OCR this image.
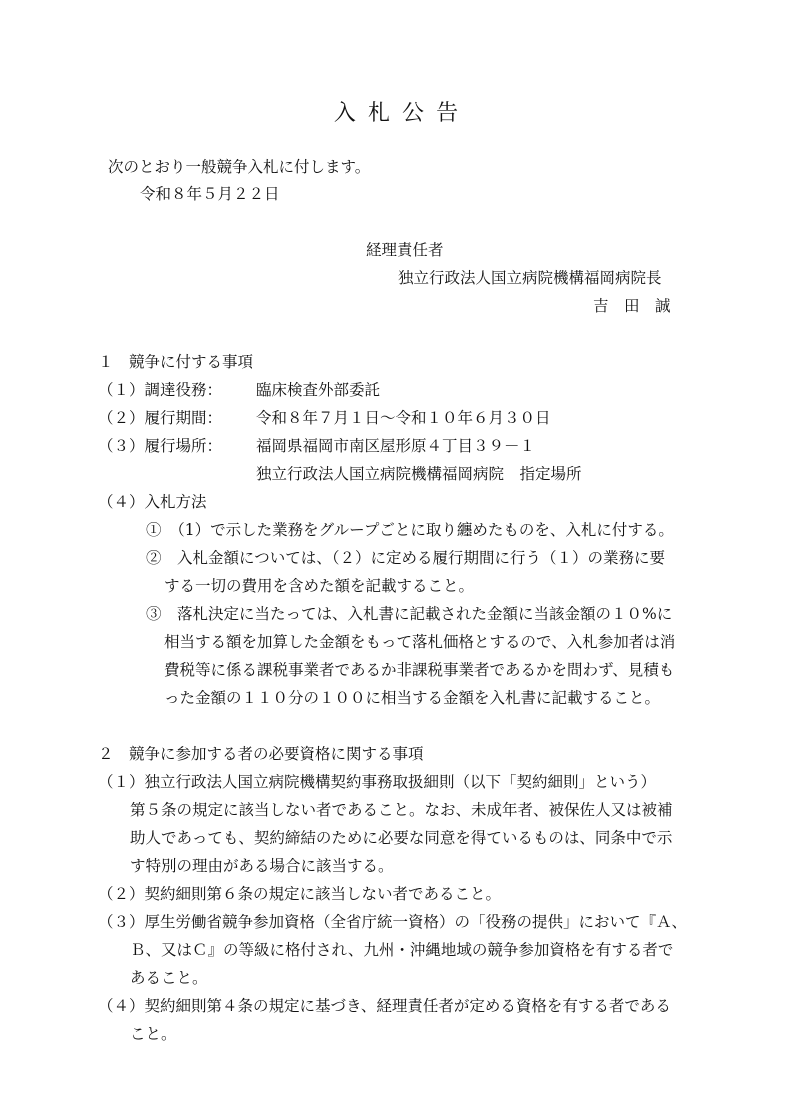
入札公告
次のとおり一般競争入札に付します。
令和８年５月２２日
経理責任者
独立行政法人国立病院機構福岡病院長
吉　田　誠
１　競争に付する事項
（１）調達役務： 臨床検査外部委託
（２）履行期間： 令和８年７月１日～令和１０年６月３０日
（３）履行場所： 福岡県福岡市南区屋形原４丁目３９－１
独立行政法人国立病院機構福岡病院　指定場所
（４）入札方法
①　（1）で示した業務をグループごとに取り纏めたものを、入札に付する。
②　入札金額については、（２）に定める履行期間に行う（１）の業務に要
する一切の費用を含めた額を記載すること。
③　落札決定に当たっては、入札書に記載された金額に当該金額の１０%に
相当する額を加算した金額をもって落札価格とするので、入札参加者は消
費税等に係る課税事業者であるか非課税事業者であるかを問わず、見積も
った金額の１１０分の１００に相当する金額を入札書に記載すること。
２　競争に参加する者の必要資格に関する事項
（１）独立行政法人国立病院機構契約事務取扱細則（以下「契約細則」という）
第５条の規定に該当しない者であること。なお、未成年者、被保佐人又は被補
助人であっても、契約締結のために必要な同意を得ているものは、同条中で示
す特別の理由がある場合に該当する。
（２）契約細則第６条の規定に該当しない者であること。
（３）厚生労働省競争参加資格（全省庁統一資格）の「役務の提供」において『Ａ、
Ｂ、又はＣ』の等級に格付され、九州・沖縄地域の競争参加資格を有する者で
あること。
（４）契約細則第４条の規定に基づき、経理責任者が定める資格を有する者である
こと。
